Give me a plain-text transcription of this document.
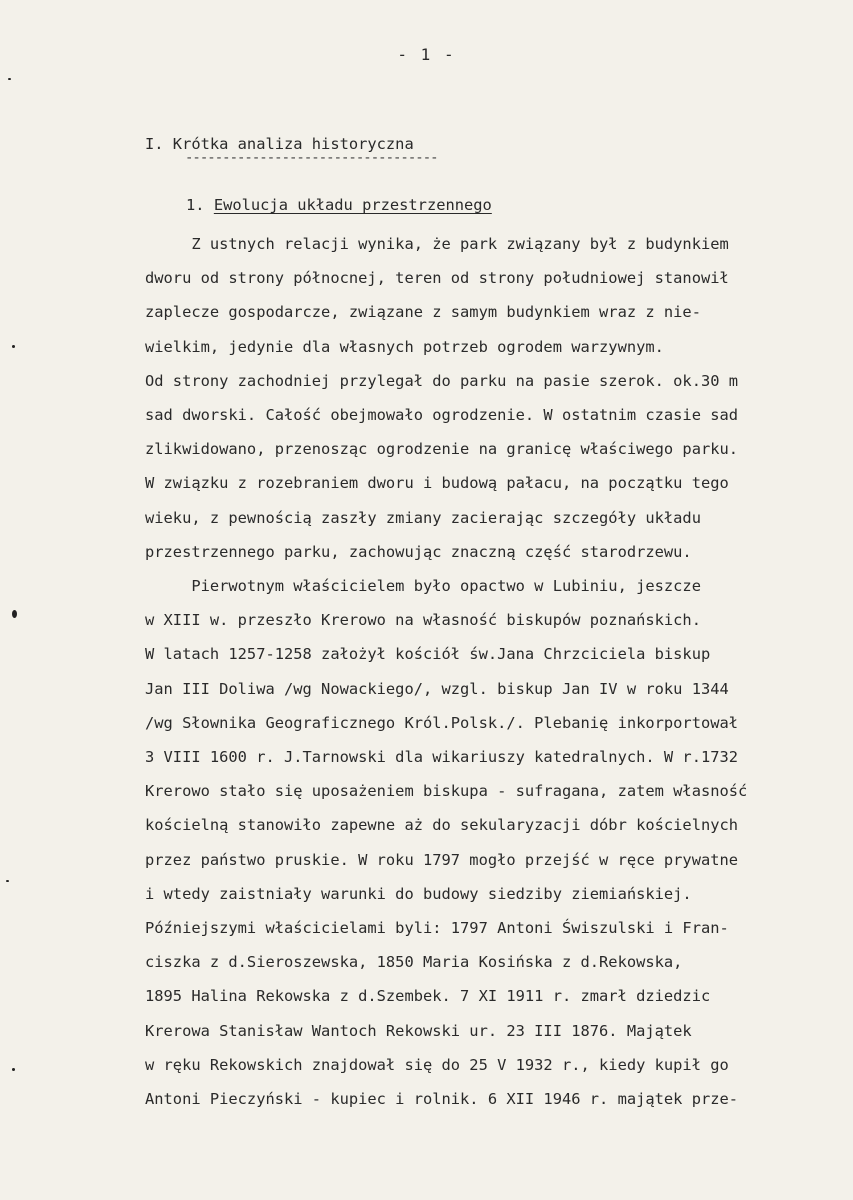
- 1 -
I. Krótka analiza historyczna
----------------------------------
1. Ewolucja układu przestrzennego
Z ustnych relacji wynika, że park związany był z budynkiem
dworu od strony północnej, teren od strony południowej stanowił
zaplecze gospodarcze, związane z samym budynkiem wraz z nie-
wielkim, jedynie dla własnych potrzeb ogrodem warzywnym.
Od strony zachodniej przylegał do parku na pasie szerok. ok.30 m
sad dworski. Całość obejmowało ogrodzenie. W ostatnim czasie sad
zlikwidowano, przenosząc ogrodzenie na granicę właściwego parku.
W związku z rozebraniem dworu i budową pałacu, na początku tego
wieku, z pewnością zaszły zmiany zacierając szczegóły układu
przestrzennego parku, zachowując znaczną część starodrzewu.
Pierwotnym właścicielem było opactwo w Lubiniu, jeszcze
w XIII w. przeszło Krerowo na własność biskupów poznańskich.
W latach 1257-1258 założył kościół św.Jana Chrzciciela biskup
Jan III Doliwa /wg Nowackiego/, wzgl. biskup Jan IV w roku 1344
/wg Słownika Geograficznego Król.Polsk./. Plebanię inkorportował
3 VIII 1600 r. J.Tarnowski dla wikariuszy katedralnych. W r.1732
Krerowo stało się uposażeniem biskupa - sufragana, zatem własność
kościelną stanowiło zapewne aż do sekularyzacji dóbr kościelnych
przez państwo pruskie. W roku 1797 mogło przejść w ręce prywatne
i wtedy zaistniały warunki do budowy siedziby ziemiańskiej.
Późniejszymi właścicielami byli: 1797 Antoni Świszulski i Fran-
ciszka z d.Sieroszewska, 1850 Maria Kosińska z d.Rekowska,
1895 Halina Rekowska z d.Szembek. 7 XI 1911 r. zmarł dziedzic
Krerowa Stanisław Wantoch Rekowski ur. 23 III 1876. Majątek
w ręku Rekowskich znajdował się do 25 V 1932 r., kiedy kupił go
Antoni Pieczyński - kupiec i rolnik. 6 XII 1946 r. majątek prze-
